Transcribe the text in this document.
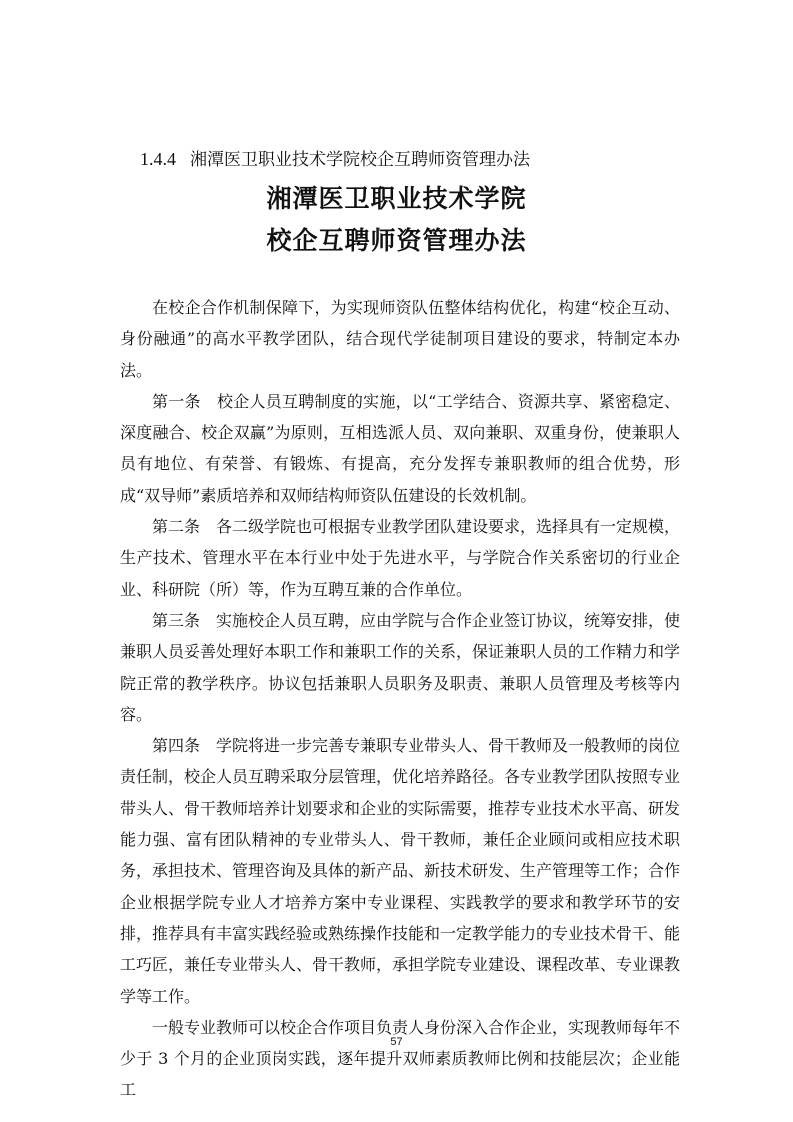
1.4.4 湘潭医卫职业技术学院校企互聘师资管理办法
湘潭医卫职业技术学院
校企互聘师资管理办法

在校企合作机制保障下，为实现师资队伍整体结构优化，构建“校企互动、身份融通”的高水平教学团队，结合现代学徒制项目建设的要求，特制定本办法。

第一条　校企人员互聘制度的实施，以“工学结合、资源共享、紧密稳定、深度融合、校企双赢”为原则，互相选派人员、双向兼职、双重身份，使兼职人员有地位、有荣誉、有锻炼、有提高，充分发挥专兼职教师的组合优势，形成“双导师”素质培养和双师结构师资队伍建设的长效机制。

第二条　各二级学院也可根据专业教学团队建设要求，选择具有一定规模，生产技术、管理水平在本行业中处于先进水平，与学院合作关系密切的行业企业、科研院（所）等，作为互聘互兼的合作单位。

第三条　实施校企人员互聘，应由学院与合作企业签订协议，统筹安排，使兼职人员妥善处理好本职工作和兼职工作的关系，保证兼职人员的工作精力和学院正常的教学秩序。协议包括兼职人员职务及职责、兼职人员管理及考核等内容。

第四条　学院将进一步完善专兼职专业带头人、骨干教师及一般教师的岗位责任制，校企人员互聘采取分层管理，优化培养路径。各专业教学团队按照专业带头人、骨干教师培养计划要求和企业的实际需要，推荐专业技术水平高、研发能力强、富有团队精神的专业带头人、骨干教师，兼任企业顾问或相应技术职务，承担技术、管理咨询及具体的新产品、新技术研发、生产管理等工作；合作企业根据学院专业人才培养方案中专业课程、实践教学的要求和教学环节的安排，推荐具有丰富实践经验或熟练操作技能和一定教学能力的专业技术骨干、能工巧匠，兼任专业带头人、骨干教师，承担学院专业建设、课程改革、专业课教学等工作。

一般专业教师可以校企合作项目负责人身份深入合作企业，实现教师每年不少于 3 个月的企业顶岗实践，逐年提升双师素质教师比例和技能层次；企业能工

57
